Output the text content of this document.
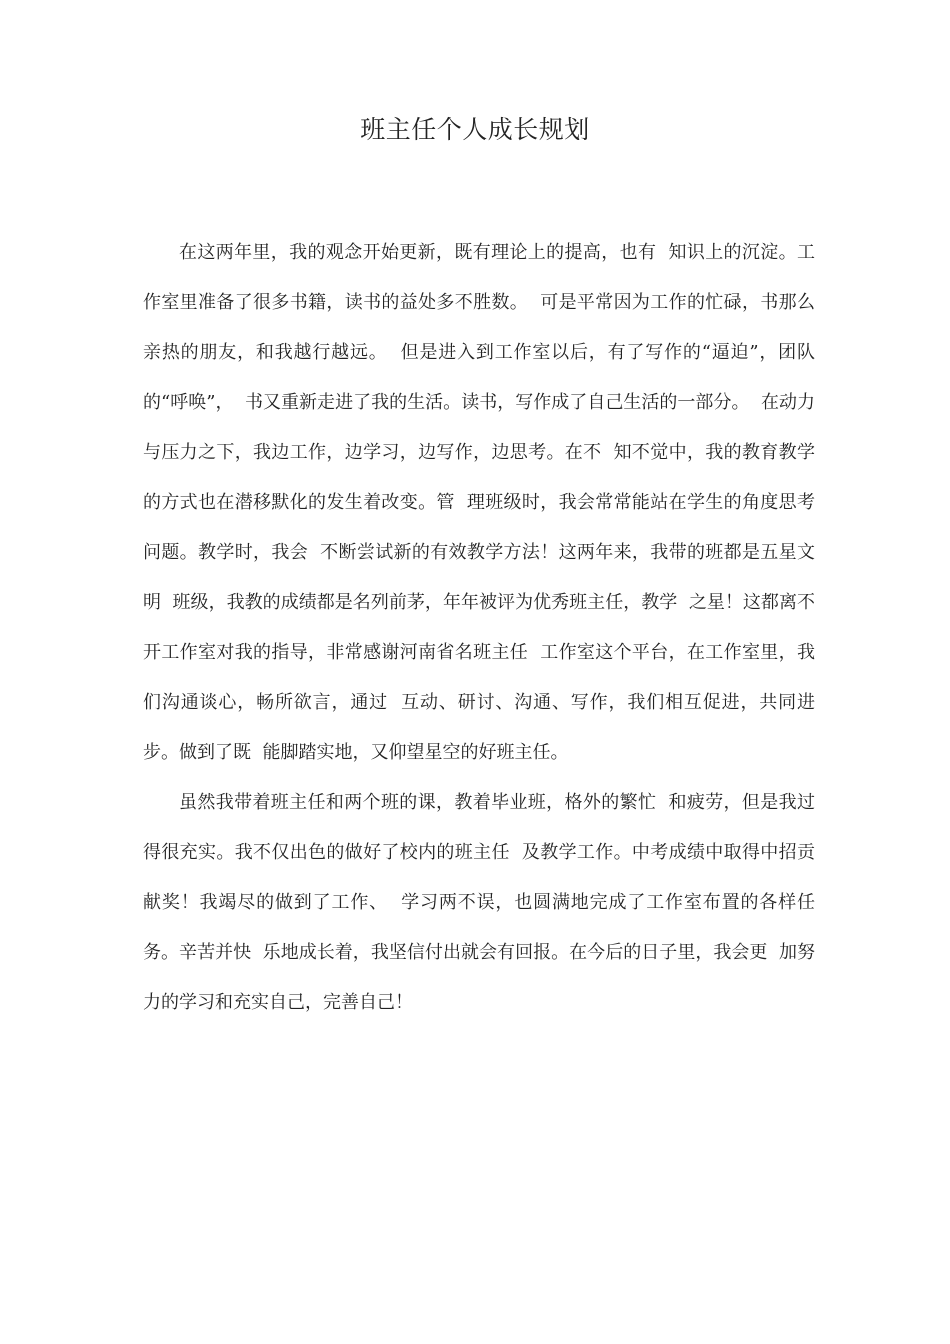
班主任个人成长规划

在这两年里，我的观念开始更新，既有理论上的提高，也有  知识上的沉淀。工作室里准备了很多书籍，读书的益处多不胜数。  可是平常因为工作的忙碌，书那么亲热的朋友，和我越行越远。  但是进入到工作室以后，有了写作的“逼迫”，团队的“呼唤”，  书又重新走进了我的生活。读书，写作成了自己生活的一部分。  在动力与压力之下，我边工作，边学习，边写作，边思考。在不  知不觉中，我的教育教学的方式也在潜移默化的发生着改变。管  理班级时，我会常常能站在学生的角度思考问题。教学时，我会  不断尝试新的有效教学方法！这两年来，我带的班都是五星文明  班级，我教的成绩都是名列前茅，年年被评为优秀班主任，教学  之星！这都离不开工作室对我的指导，非常感谢河南省名班主任  工作室这个平台，在工作室里，我们沟通谈心，畅所欲言，通过  互动、研讨、沟通、写作，我们相互促进，共同进步。做到了既  能脚踏实地，又仰望星空的好班主任。

虽然我带着班主任和两个班的课，教着毕业班，格外的繁忙  和疲劳，但是我过得很充实。我不仅出色的做好了校内的班主任  及教学工作。中考成绩中取得中招贡献奖！我竭尽的做到了工作、  学习两不误，也圆满地完成了工作室布置的各样任务。辛苦并快  乐地成长着，我坚信付出就会有回报。在今后的日子里，我会更  加努力的学习和充实自己，完善自己！
